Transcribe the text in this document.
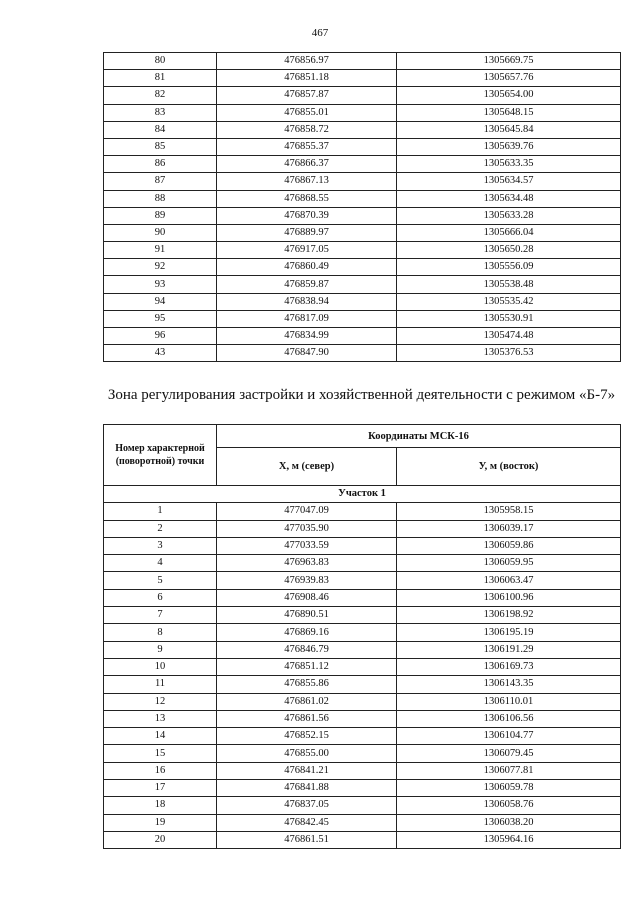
467
80	476856.97	1305669.75
81	476851.18	1305657.76
82	476857.87	1305654.00
83	476855.01	1305648.15
84	476858.72	1305645.84
85	476855.37	1305639.76
86	476866.37	1305633.35
87	476867.13	1305634.57
88	476868.55	1305634.48
89	476870.39	1305633.28
90	476889.97	1305666.04
91	476917.05	1305650.28
92	476860.49	1305556.09
93	476859.87	1305538.48
94	476838.94	1305535.42
95	476817.09	1305530.91
96	476834.99	1305474.48
43	476847.90	1305376.53
Зона регулирования застройки и хозяйственной деятельности с режимом «Б-7»
Номер характерной (поворотной) точки	Координаты МСК-16	
	X, м (север)	У, м (восток)
Участок 1		
1	477047.09	1305958.15
2	477035.90	1306039.17
3	477033.59	1306059.86
4	476963.83	1306059.95
5	476939.83	1306063.47
6	476908.46	1306100.96
7	476890.51	1306198.92
8	476869.16	1306195.19
9	476846.79	1306191.29
10	476851.12	1306169.73
11	476855.86	1306143.35
12	476861.02	1306110.01
13	476861.56	1306106.56
14	476852.15	1306104.77
15	476855.00	1306079.45
16	476841.21	1306077.81
17	476841.88	1306059.78
18	476837.05	1306058.76
19	476842.45	1306038.20
20	476861.51	1305964.16
